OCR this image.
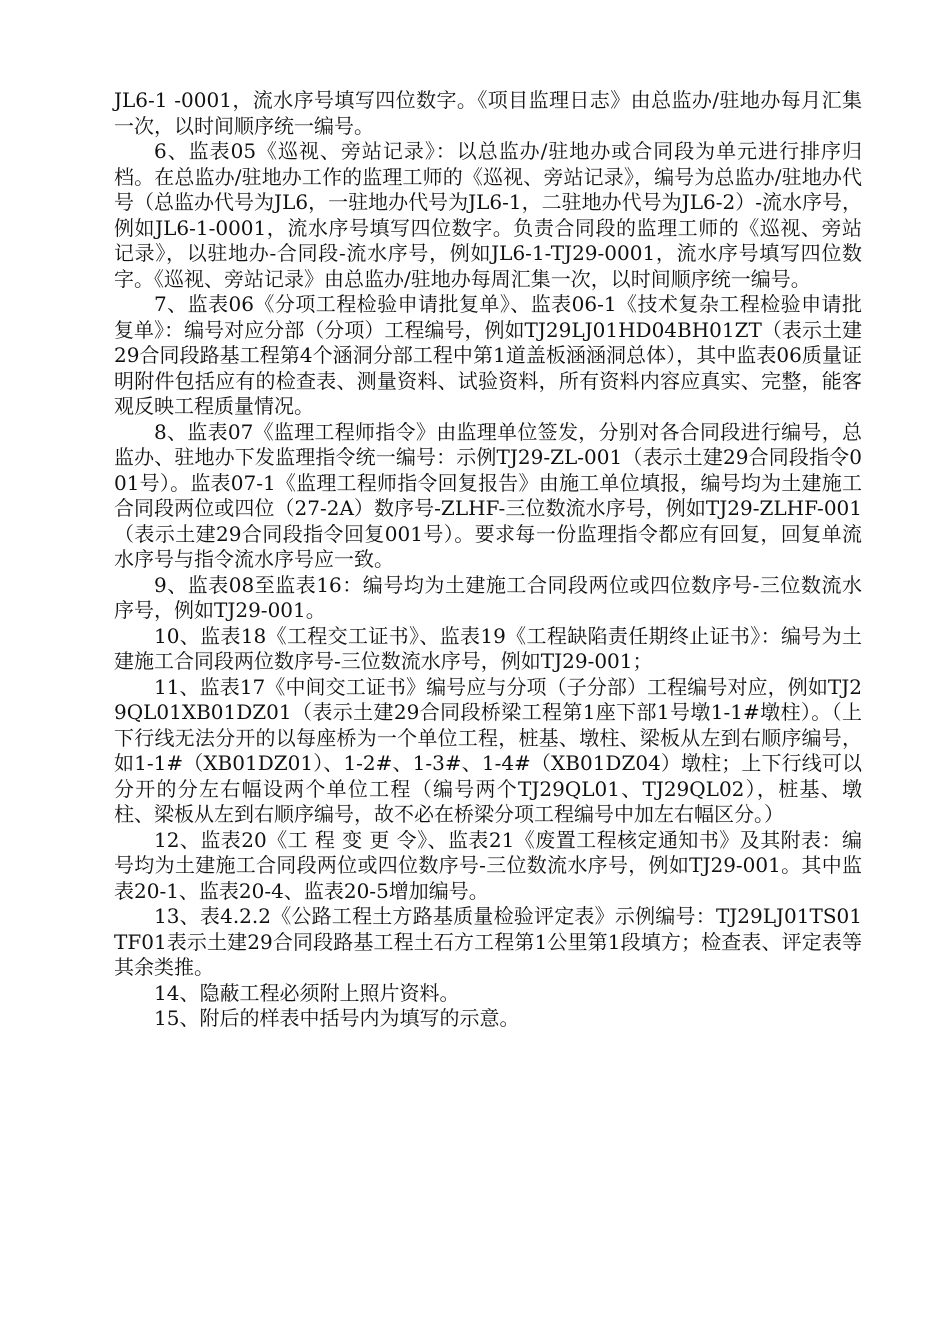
JL6-1 -0001，流水序号填写四位数字。《项目监理日志》由总监办/驻地办每月汇集一次，以时间顺序统一编号。

6、监表05《巡视、旁站记录》：以总监办/驻地办或合同段为单元进行排序归档。在总监办/驻地办工作的监理工师的《巡视、旁站记录》，编号为总监办/驻地办代号（总监办代号为JL6，一驻地办代号为JL6-1，二驻地办代号为JL6-2）-流水序号，例如JL6-1-0001，流水序号填写四位数字。负责合同段的监理工师的《巡视、旁站记录》，以驻地办-合同段-流水序号，例如JL6-1-TJ29-0001，流水序号填写四位数字。《巡视、旁站记录》由总监办/驻地办每周汇集一次，以时间顺序统一编号。

7、监表06《分项工程检验申请批复单》、监表06-1《技术复杂工程检验申请批复单》：编号对应分部（分项）工程编号，例如TJ29LJ01HD04BH01ZT（表示土建29合同段路基工程第4个涵洞分部工程中第1道盖板涵涵洞总体），其中监表06质量证明附件包括应有的检查表、测量资料、试验资料，所有资料内容应真实、完整，能客观反映工程质量情况。

8、监表07《监理工程师指令》由监理单位签发，分别对各合同段进行编号，总监办、驻地办下发监理指令统一编号：示例TJ29-ZL-001（表示土建29合同段指令001号）。监表07-1《监理工程师指令回复报告》由施工单位填报，编号均为土建施工合同段两位或四位（27-2A）数序号-ZLHF-三位数流水序号，例如TJ29-ZLHF-001（表示土建29合同段指令回复001号）。要求每一份监理指令都应有回复，回复单流水序号与指令流水序号应一致。

9、监表08至监表16：编号均为土建施工合同段两位或四位数序号-三位数流水序号，例如TJ29-001。

10、监表18《工程交工证书》、监表19《工程缺陷责任期终止证书》：编号为土建施工合同段两位数序号-三位数流水序号，例如TJ29-001；

11、监表17《中间交工证书》编号应与分项（子分部）工程编号对应，例如TJ29QL01XB01DZ01（表示土建29合同段桥梁工程第1座下部1号墩1-1#墩柱）。（上下行线无法分开的以每座桥为一个单位工程，桩基、墩柱、梁板从左到右顺序编号，如1-1#（XB01DZ01）、1-2#、1-3#、1-4#（XB01DZ04）墩柱；上下行线可以分开的分左右幅设两个单位工程（编号两个TJ29QL01、TJ29QL02），桩基、墩柱、梁板从左到右顺序编号，故不必在桥梁分项工程编号中加左右幅区分。）

12、监表20《工 程 变 更 令》、监表21《废置工程核定通知书》及其附表：编号均为土建施工合同段两位或四位数序号-三位数流水序号，例如TJ29-001。其中监表20-1、监表20-4、监表20-5增加编号。

13、表4.2.2《公路工程土方路基质量检验评定表》示例编号：TJ29LJ01TS01TF01表示土建29合同段路基工程土石方工程第1公里第1段填方；检查表、评定表等其余类推。

14、隐蔽工程必须附上照片资料。

15、附后的样表中括号内为填写的示意。
